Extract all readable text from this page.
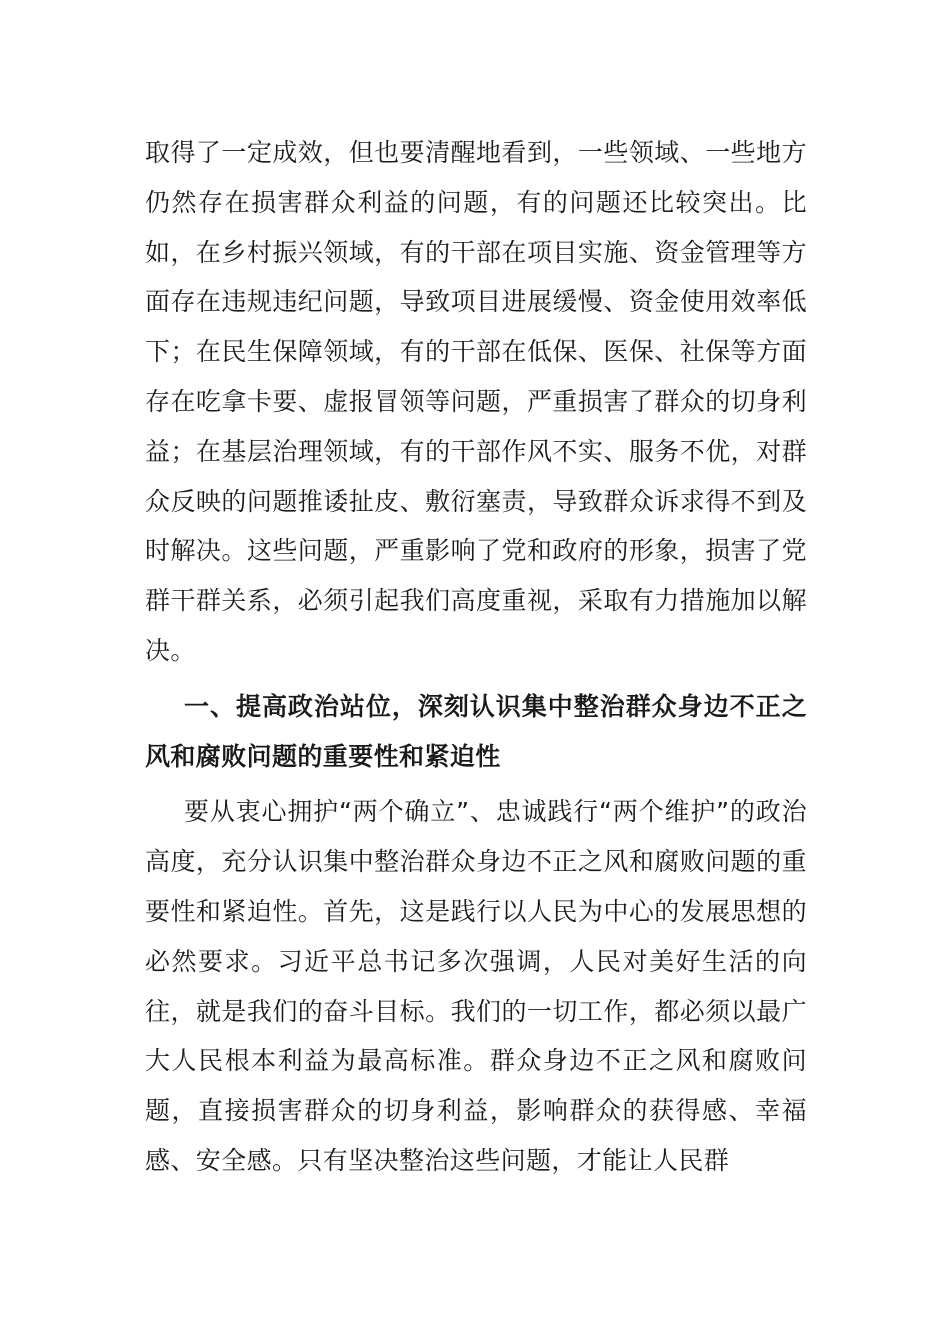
取得了一定成效，但也要清醒地看到，一些领域、一些地方仍然存在损害群众利益的问题，有的问题还比较突出。比如，在乡村振兴领域，有的干部在项目实施、资金管理等方面存在违规违纪问题，导致项目进展缓慢、资金使用效率低下；在民生保障领域，有的干部在低保、医保、社保等方面存在吃拿卡要、虚报冒领等问题，严重损害了群众的切身利益；在基层治理领域，有的干部作风不实、服务不优，对群众反映的问题推诿扯皮、敷衍塞责，导致群众诉求得不到及时解决。这些问题，严重影响了党和政府的形象，损害了党群干群关系，必须引起我们高度重视，采取有力措施加以解决。

一、提高政治站位，深刻认识集中整治群众身边不正之风和腐败问题的重要性和紧迫性

要从衷心拥护“两个确立”、忠诚践行“两个维护”的政治高度，充分认识集中整治群众身边不正之风和腐败问题的重要性和紧迫性。首先，这是践行以人民为中心的发展思想的必然要求。习近平总书记多次强调，人民对美好生活的向往，就是我们的奋斗目标。我们的一切工作，都必须以最广大人民根本利益为最高标准。群众身边不正之风和腐败问题，直接损害群众的切身利益，影响群众的获得感、幸福感、安全感。只有坚决整治这些问题，才能让人民群
